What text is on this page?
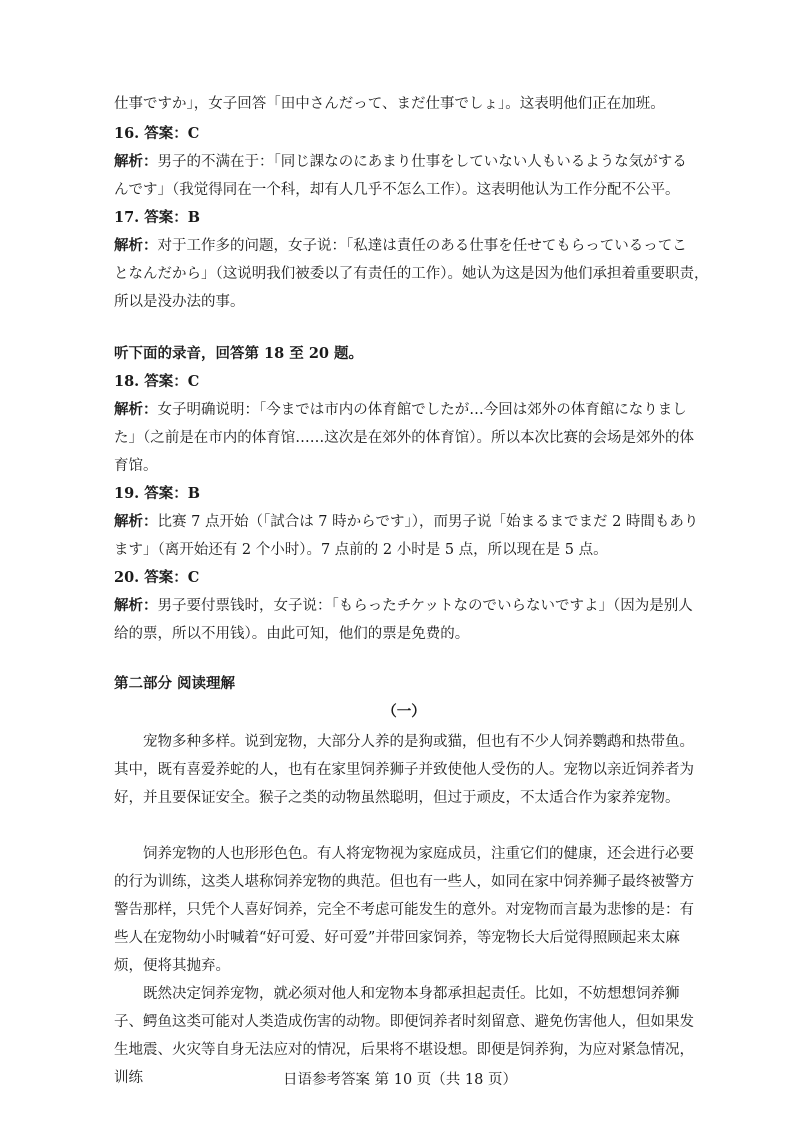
仕事ですか」，女子回答「田中さんだって、まだ仕事でしょ」。这表明他们正在加班。
16. 答案：C
解析：男子的不满在于：「同じ課なのにあまり仕事をしていない人もいるような気がする
んです」（我觉得同在一个科，却有人几乎不怎么工作）。这表明他认为工作分配不公平。
17. 答案：B
解析：对于工作多的问题，女子说：「私達は責任のある仕事を任せてもらっているってこ
となんだから」（这说明我们被委以了有责任的工作）。她认为这是因为他们承担着重要职责，
所以是没办法的事。
听下面的录音，回答第 18 至 20 题。
18. 答案：C
解析：女子明确说明：「今までは市内の体育館でしたが…今回は郊外の体育館になりまし
た」（之前是在市内的体育馆……这次是在郊外的体育馆）。所以本次比赛的会场是郊外的体
育馆。
19. 答案：B
解析：比赛 7 点开始（「試合は 7 時からです」），而男子说「始まるまでまだ 2 時間もあり
ます」（离开始还有 2 个小时）。7 点前的 2 小时是 5 点，所以现在是 5 点。
20. 答案：C
解析：男子要付票钱时，女子说：「もらったチケットなのでいらないですよ」（因为是别人
给的票，所以不用钱）。由此可知，他们的票是免费的。
第二部分 阅读理解
（一）
宠物多种多样。说到宠物，大部分人养的是狗或猫，但也有不少人饲养鹦鹉和热带鱼。其中，既有喜爱养蛇的人，也有在家里饲养狮子并致使他人受伤的人。宠物以亲近饲养者为好，并且要保证安全。猴子之类的动物虽然聪明，但过于顽皮，不太适合作为家养宠物。
饲养宠物的人也形形色色。有人将宠物视为家庭成员，注重它们的健康，还会进行必要的行为训练，这类人堪称饲养宠物的典范。但也有一些人，如同在家中饲养狮子最终被警方警告那样，只凭个人喜好饲养，完全不考虑可能发生的意外。对宠物而言最为悲惨的是：有些人在宠物幼小时喊着“好可爱、好可爱”并带回家饲养，等宠物长大后觉得照顾起来太麻烦，便将其抛弃。
既然决定饲养宠物，就必须对他人和宠物本身都承担起责任。比如，不妨想想饲养狮子、鳄鱼这类可能对人类造成伤害的动物。即便饲养者时刻留意、避免伤害他人，但如果发生地震、火灾等自身无法应对的情况，后果将不堪设想。即便是饲养狗，为应对紧急情况，训练	日语参考答案 第 10 页（共 18 页）
